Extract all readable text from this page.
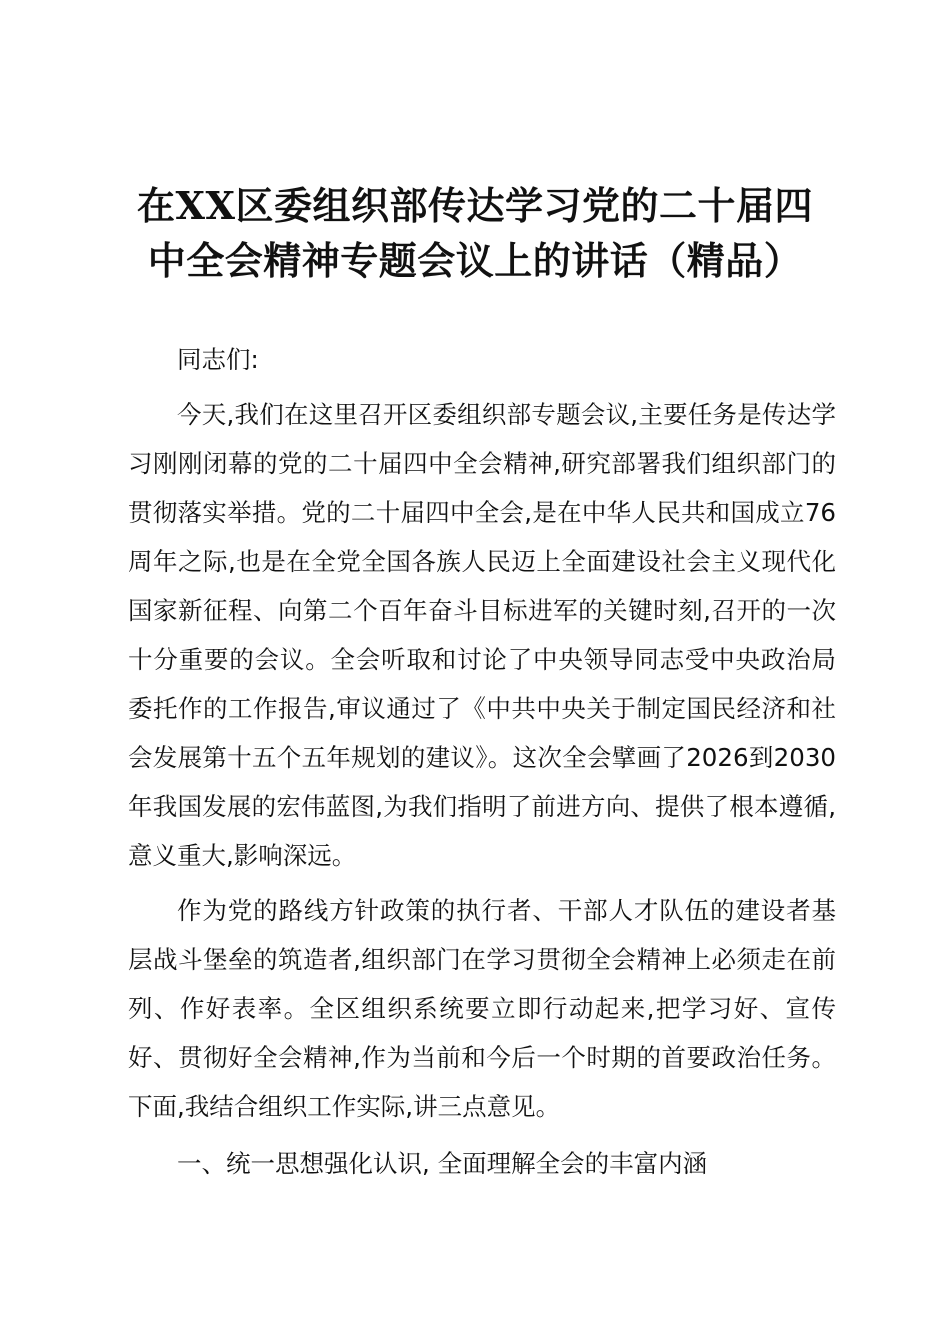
在XX区委组织部传达学习党的二十届四中全会精神专题会议上的讲话（精品）

同志们:

今天,我们在这里召开区委组织部专题会议,主要任务是传达学习刚刚闭幕的党的二十届四中全会精神,研究部署我们组织部门的贯彻落实举措。党的二十届四中全会,是在中华人民共和国成立76周年之际,也是在全党全国各族人民迈上全面建设社会主义现代化国家新征程、向第二个百年奋斗目标进军的关键时刻,召开的一次十分重要的会议。全会听取和讨论了中央领导同志受中央政治局委托作的工作报告,审议通过了《中共中央关于制定国民经济和社会发展第十五个五年规划的建议》。这次全会擘画了2026到2030年我国发展的宏伟蓝图,为我们指明了前进方向、提供了根本遵循,意义重大,影响深远。

作为党的路线方针政策的执行者、干部人才队伍的建设者基层战斗堡垒的筑造者,组织部门在学习贯彻全会精神上必须走在前列、作好表率。全区组织系统要立即行动起来,把学习好、宣传好、贯彻好全会精神,作为当前和今后一个时期的首要政治任务。下面,我结合组织工作实际,讲三点意见。

一、统一思想强化认识, 全面理解全会的丰富内涵
